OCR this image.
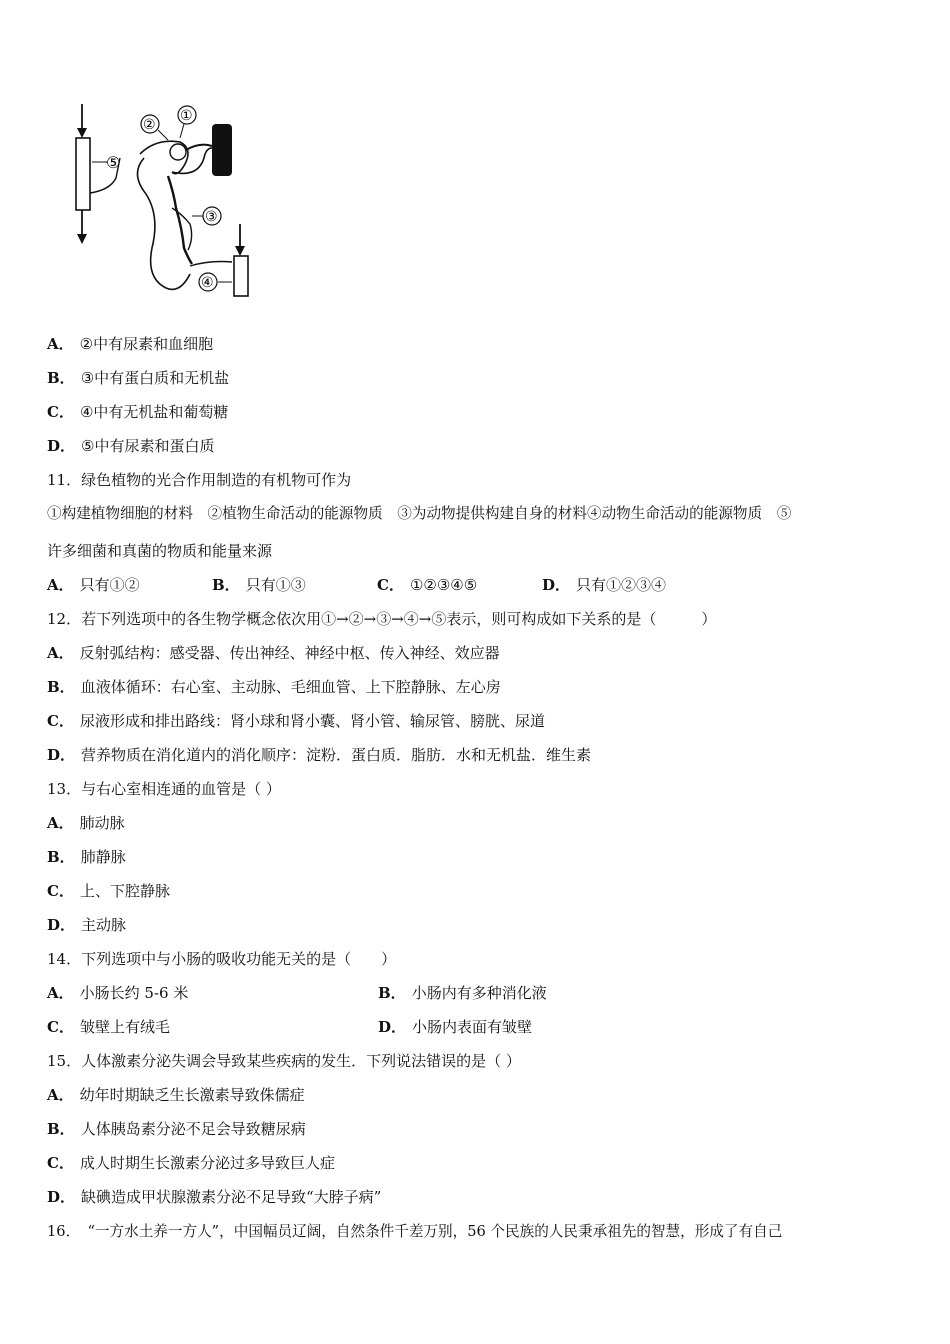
⑤
②
①
③
④
A． ②中有尿素和血细胞
B． ③中有蛋白质和无机盐
C． ④中有无机盐和葡萄糖
D． ⑤中有尿素和蛋白质
11．绿色植物的光合作用制造的有机物可作为
①构建植物细胞的材料　②植物生命活动的能源物质　③为动物提供构建自身的材料④动物生命活动的能源物质　⑤
许多细菌和真菌的物质和能量来源
A． 只有①②	B． 只有①③	C． ①②③④⑤	D． 只有①②③④
12．若下列选项中的各生物学概念依次用①→②→③→④→⑤表示，则可构成如下关系的是（　　　）
A． 反射弧结构：感受器、传出神经、神经中枢、传入神经、效应器
B． 血液体循环：右心室、主动脉、毛细血管、上下腔静脉、左心房
C． 尿液形成和排出路线：肾小球和肾小囊、肾小管、输尿管、膀胱、尿道
D． 营养物质在消化道内的消化顺序：淀粉．蛋白质．脂肪．水和无机盐．维生素
13．与右心室相连通的血管是（ ）
A． 肺动脉
B． 肺静脉
C． 上、下腔静脉
D． 主动脉
14．下列选项中与小肠的吸收功能无关的是（　　）
A． 小肠长约 5-6 米	B． 小肠内有多种消化液
C． 皱壁上有绒毛	D． 小肠内表面有皱壁
15．人体激素分泌失调会导致某些疾病的发生．下列说法错误的是（ ）
A． 幼年时期缺乏生长激素导致侏儒症
B． 人体胰岛素分泌不足会导致糖尿病
C． 成人时期生长激素分泌过多导致巨人症
D． 缺碘造成甲状腺激素分泌不足导致“大脖子病”
16．　“一方水土养一方人”，中国幅员辽阔，自然条件千差万别，56 个民族的人民秉承祖先的智慧，形成了有自己
